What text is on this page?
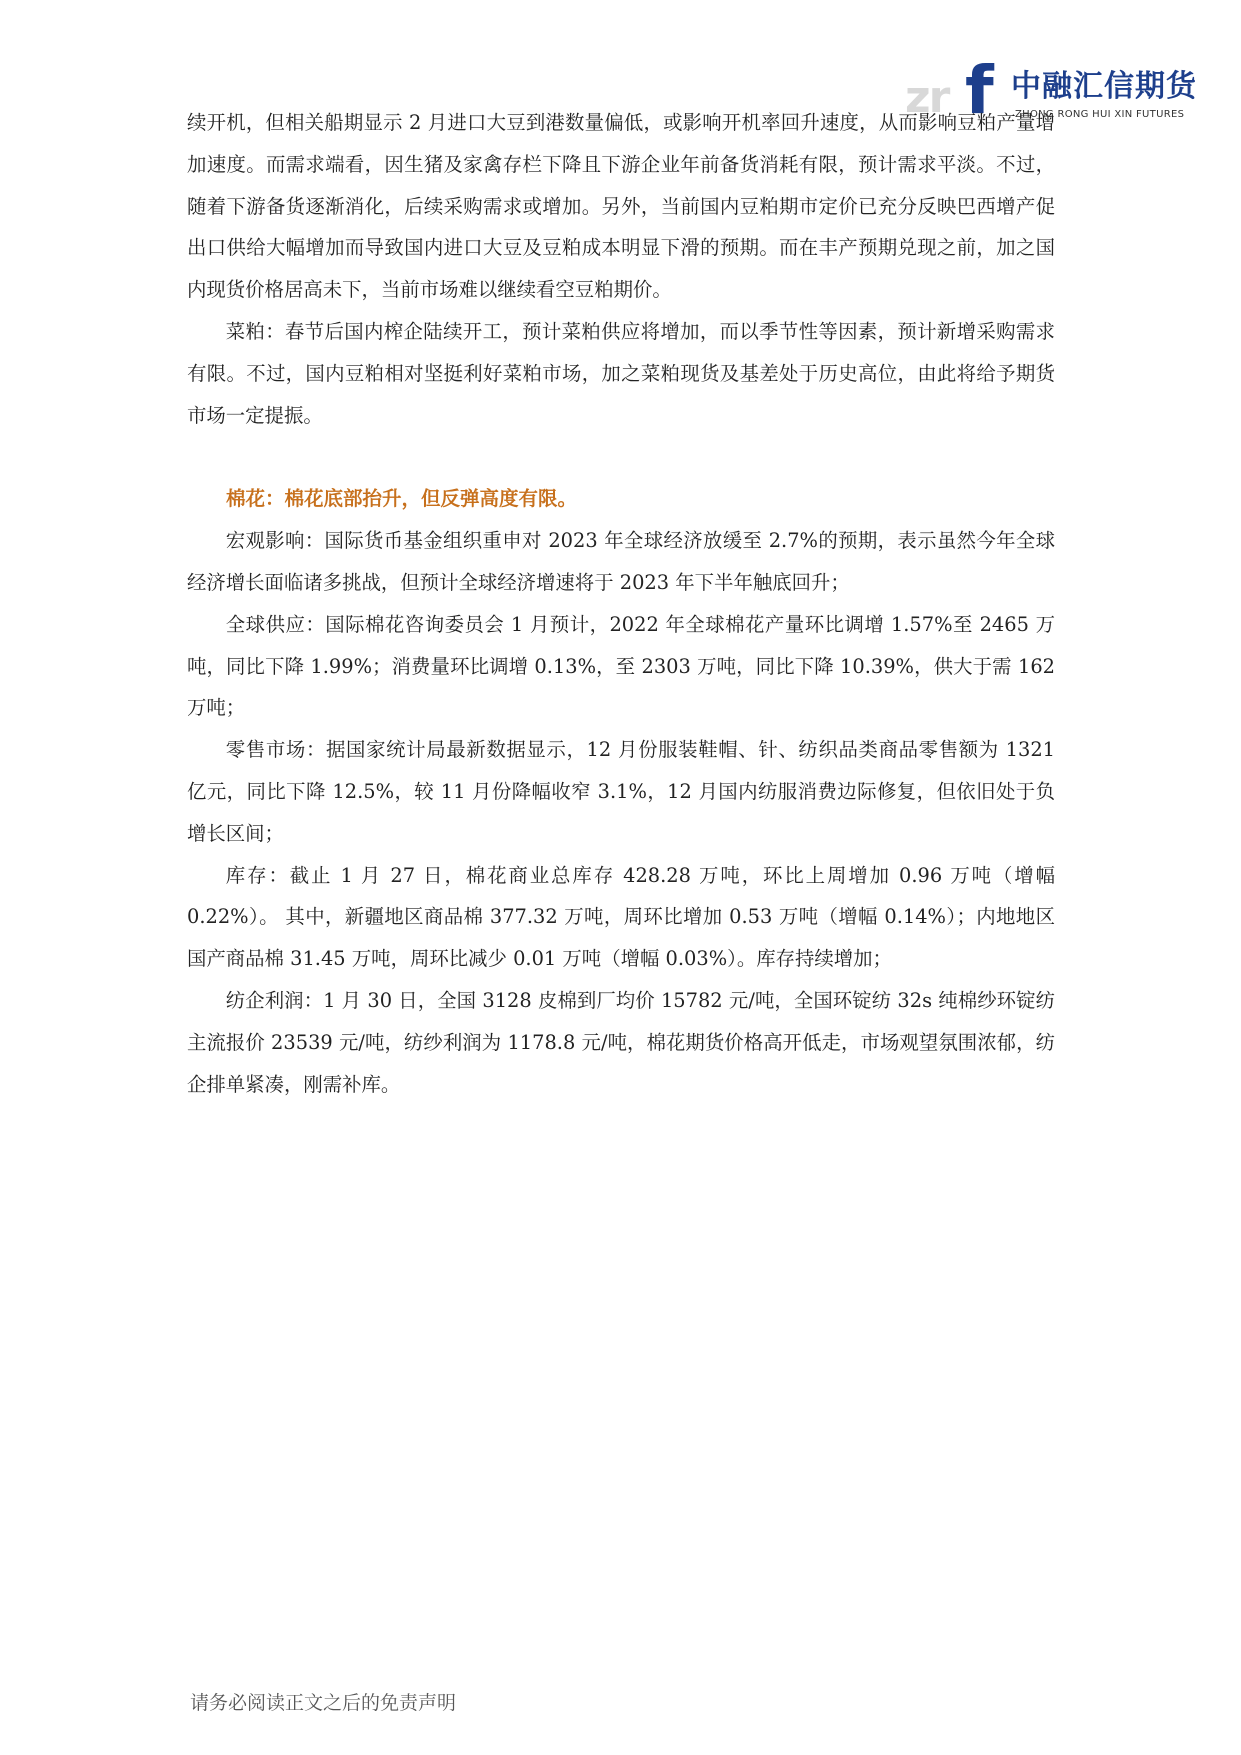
zr f 中融汇信期货
ZHONG RONG HUI XIN FUTURES

续开机，但相关船期显示 2 月进口大豆到港数量偏低，或影响开机率回升速度，从而影响豆粕产量增加速度。而需求端看，因生猪及家禽存栏下降且下游企业年前备货消耗有限，预计需求平淡。不过，随着下游备货逐渐消化，后续采购需求或增加。另外，当前国内豆粕期市定价已充分反映巴西增产促出口供给大幅增加而导致国内进口大豆及豆粕成本明显下滑的预期。而在丰产预期兑现之前，加之国内现货价格居高未下，当前市场难以继续看空豆粕期价。

菜粕：春节后国内榨企陆续开工，预计菜粕供应将增加，而以季节性等因素，预计新增采购需求有限。不过，国内豆粕相对坚挺利好菜粕市场，加之菜粕现货及基差处于历史高位，由此将给予期货市场一定提振。

棉花：棉花底部抬升，但反弹高度有限。

宏观影响：国际货币基金组织重申对 2023 年全球经济放缓至 2.7%的预期，表示虽然今年全球经济增长面临诸多挑战，但预计全球经济增速将于 2023 年下半年触底回升；

全球供应：国际棉花咨询委员会 1 月预计，2022 年全球棉花产量环比调增 1.57%至 2465 万吨，同比下降 1.99%；消费量环比调增 0.13%，至 2303 万吨，同比下降 10.39%，供大于需 162 万吨；

零售市场：据国家统计局最新数据显示，12 月份服装鞋帽、针、纺织品类商品零售额为 1321 亿元，同比下降 12.5%，较 11 月份降幅收窄 3.1%，12 月国内纺服消费边际修复，但依旧处于负增长区间；

库存：截止 1 月 27 日，棉花商业总库存 428.28 万吨，环比上周增加 0.96 万吨（增幅 0.22%）。 其中，新疆地区商品棉 377.32 万吨，周环比增加 0.53 万吨（增幅 0.14%）；内地地区国产商品棉 31.45 万吨，周环比减少 0.01 万吨（增幅 0.03%）。库存持续增加；

纺企利润：1 月 30 日，全国 3128 皮棉到厂均价 15782 元/吨，全国环锭纺 32s 纯棉纱环锭纺主流报价 23539 元/吨，纺纱利润为 1178.8 元/吨，棉花期货价格高开低走，市场观望氛围浓郁，纺企排单紧凑，刚需补库。

请务必阅读正文之后的免责声明
